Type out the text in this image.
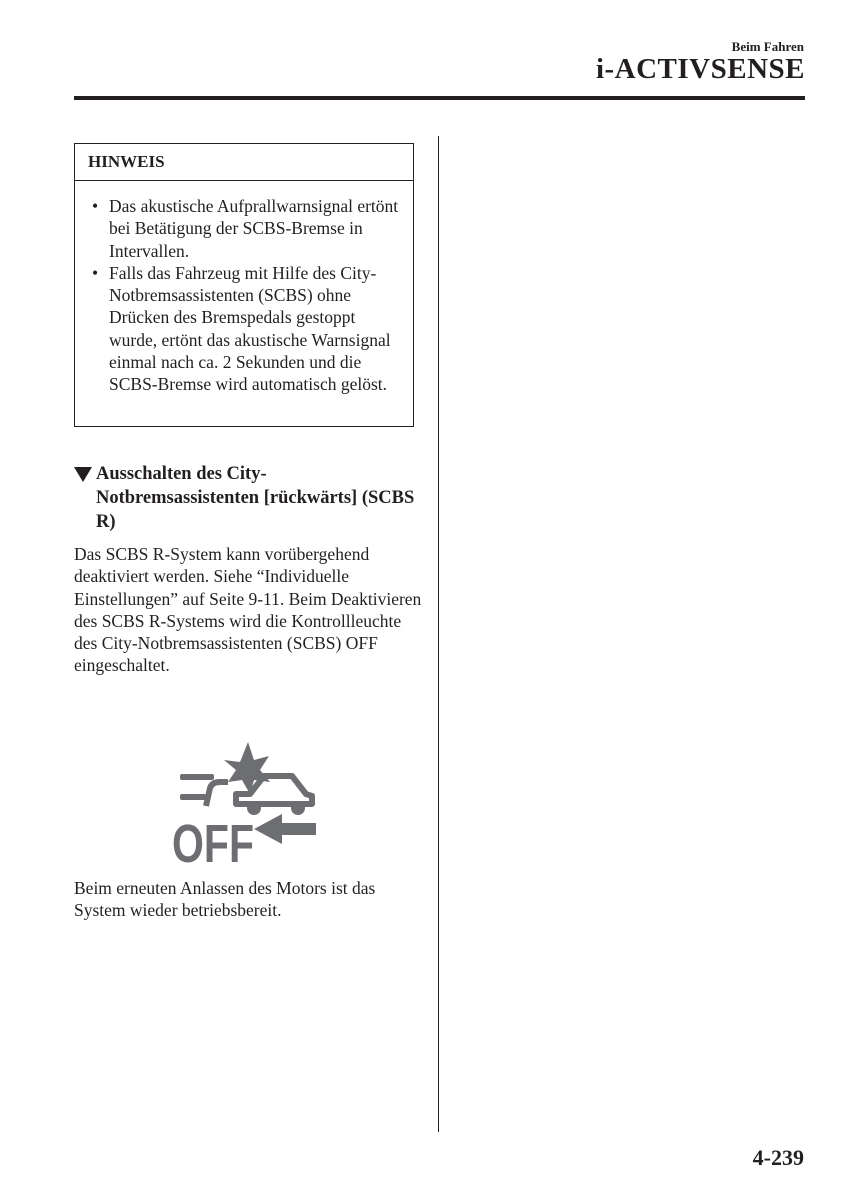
Beim Fahren
i-ACTIVSENSE
HINWEIS
• Das akustische Aufprallwarnsignal ertönt bei Betätigung der SCBS-Bremse in Intervallen.
• Falls das Fahrzeug mit Hilfe des City-Notbremsassistenten (SCBS) ohne Drücken des Bremspedals gestoppt wurde, ertönt das akustische Warnsignal einmal nach ca. 2 Sekunden und die SCBS-Bremse wird automatisch gelöst.
Ausschalten des City-Notbremsassistenten [rückwärts] (SCBS R)
Das SCBS R-System kann vorübergehend deaktiviert werden. Siehe “Individuelle Einstellungen” auf Seite 9-11. Beim Deaktivieren des SCBS R-Systems wird die Kontrollleuchte des City-Notbremsassistenten (SCBS) OFF eingeschaltet.
OFF
Beim erneuten Anlassen des Motors ist das System wieder betriebsbereit.
4-239
